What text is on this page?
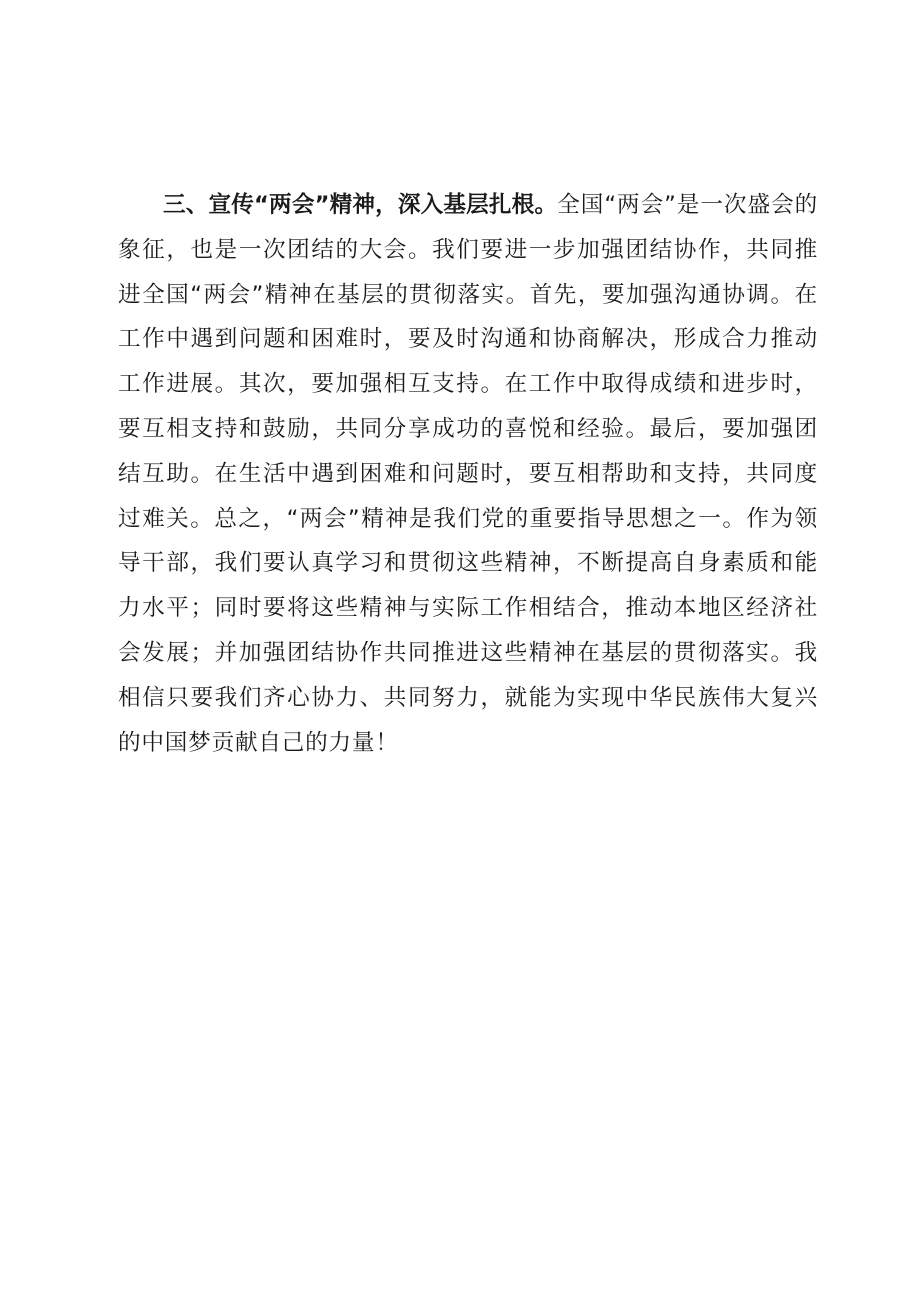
三、宣传“两会”精神，深入基层扎根。全国“两会”是一次盛会的象征，也是一次团结的大会。我们要进一步加强团结协作，共同推进全国“两会”精神在基层的贯彻落实。首先，要加强沟通协调。在工作中遇到问题和困难时，要及时沟通和协商解决，形成合力推动工作进展。其次，要加强相互支持。在工作中取得成绩和进步时，要互相支持和鼓励，共同分享成功的喜悦和经验。最后，要加强团结互助。在生活中遇到困难和问题时，要互相帮助和支持，共同度过难关。总之，“两会”精神是我们党的重要指导思想之一。作为领导干部，我们要认真学习和贯彻这些精神，不断提高自身素质和能力水平；同时要将这些精神与实际工作相结合，推动本地区经济社会发展；并加强团结协作共同推进这些精神在基层的贯彻落实。我相信只要我们齐心协力、共同努力，就能为实现中华民族伟大复兴的中国梦贡献自己的力量！
